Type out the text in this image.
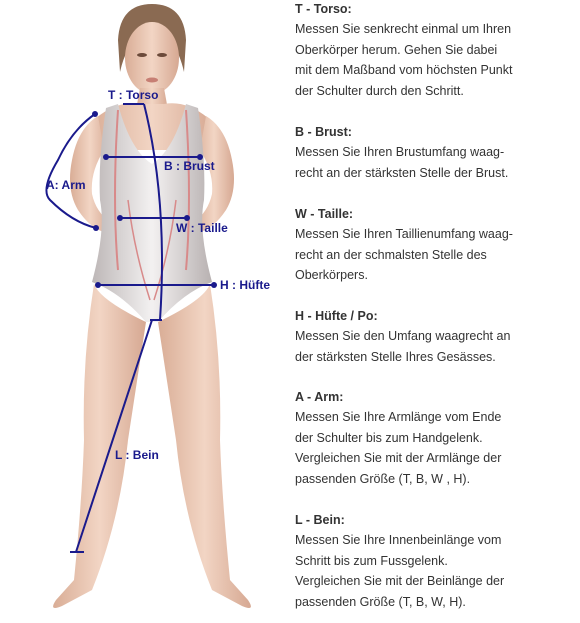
T : Torso
B : Brust
A: Arm
W : Taille
H : Hüfte
L : Bein
T - Torso:

Messen Sie senkrecht einmal um Ihren

Oberkörper herum. Gehen Sie dabei

mit dem Maßband vom höchsten Punkt

der Schulter durch den Schritt.

B - Brust:

Messen Sie Ihren Brustumfang waag-

recht an der stärksten Stelle der Brust.

W - Taille:

Messen Sie Ihren Taillienumfang waag-

recht an der schmalsten Stelle des

Oberkörpers.

H - Hüfte / Po:

Messen Sie den Umfang waagrecht an

der stärksten Stelle Ihres Gesässes.

A - Arm:

Messen Sie Ihre Armlänge vom Ende

der Schulter bis zum Handgelenk.

Vergleichen Sie mit der Armlänge der

passenden Größe (T, B, W , H).

L - Bein:

Messen Sie Ihre Innenbeinlänge vom

Schritt bis zum Fussgelenk.

Vergleichen Sie mit der Beinlänge der

passenden Größe (T, B, W, H).
